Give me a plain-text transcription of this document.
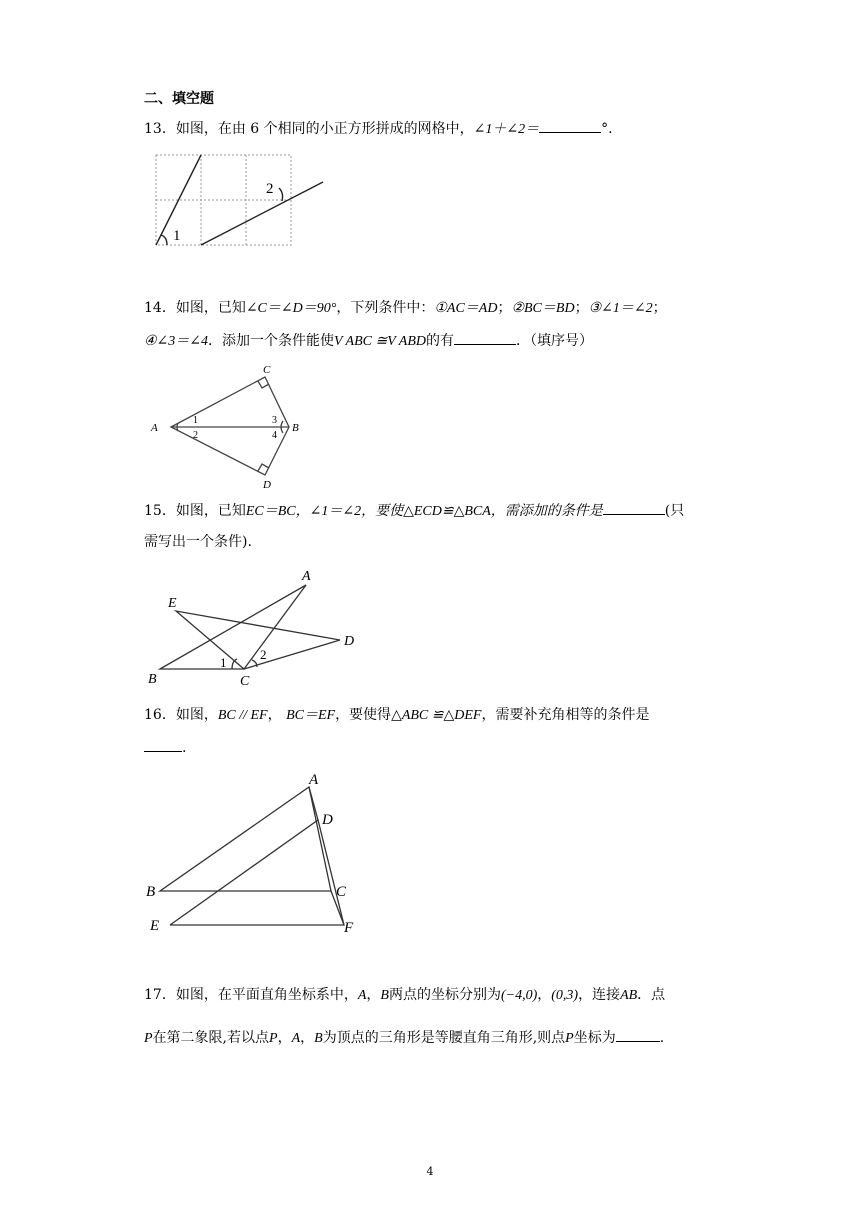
二、填空题
13．如图，在由 6 个相同的小正方形拼成的网格中，∠1＋∠2＝	°.
1
2
14．如图，已知∠C＝∠D＝90°，下列条件中：①AC＝AD；②BC＝BD；③∠1＝∠2；
④∠3＝∠4．添加一个条件能使V ABC ≅V ABD的有	．（填序号）
A	B
C
D
1
2
3
4
15．如图，已知EC＝BC，∠1＝∠2，要使△ECD≌△BCA，需添加的条件是	(只
需写出一个条件).
A
B	C
D
E
1
2
16．如图，BC // EF， BC＝EF，要使得△ABC ≌△DEF，需要补充角相等的条件是
.
A
B	C
D
E	F
17．如图，在平面直角坐标系中，A，B两点的坐标分别为(−4,0)，(0,3)，连接AB．点
P在第二象限,若以点P，A，B为顶点的三角形是等腰直角三角形,则点P坐标为	.
4
